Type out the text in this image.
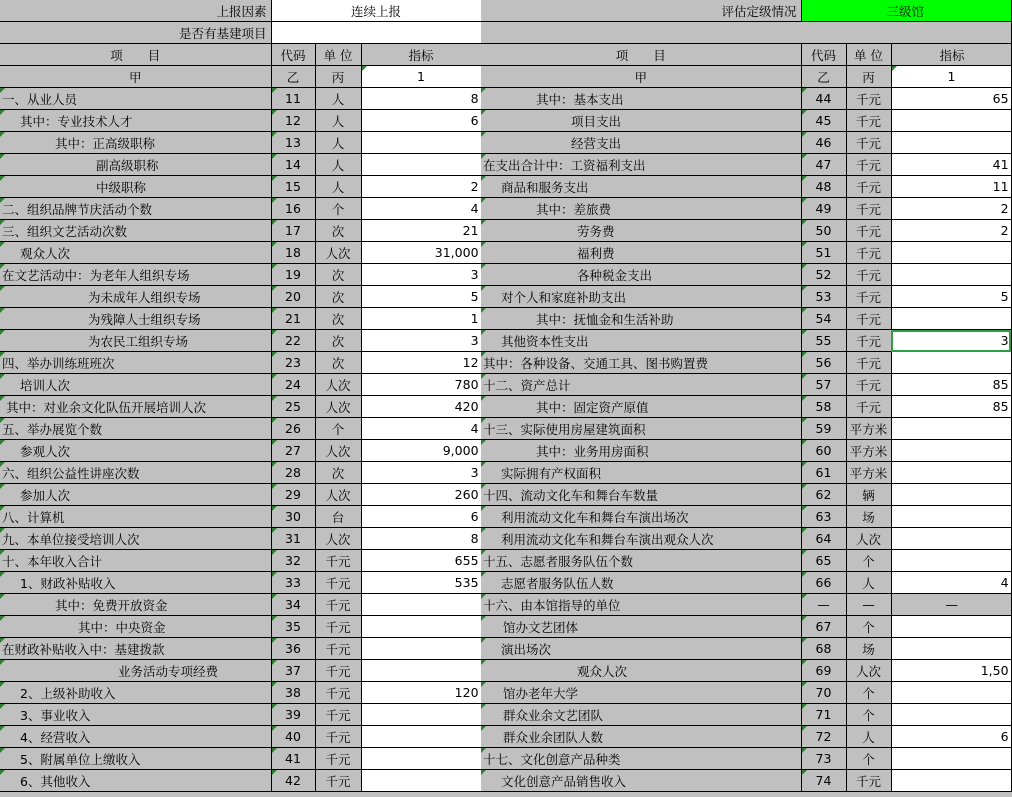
上报因素	连续上报		
是否有基建项目			
项　　目	代码	单 位	指标
甲	乙	丙	1
一、从业人员	11	人	8
其中：专业技术人才	12	人	6
其中：正高级职称	13	人	
副高级职称	14	人	
中级职称	15	人	2
二、组织品牌节庆活动个数	16	个	4
三、组织文艺活动次数	17	次	21
观众人次	18	人次	31,000
在文艺活动中：为老年人组织专场	19	次	3
为未成年人组织专场	20	次	5
为残障人士组织专场	21	次	1
为农民工组织专场	22	次	3
四、举办训练班班次	23	次	12
培训人次	24	人次	780
其中：对业余文化队伍开展培训人次	25	人次	420
五、举办展览个数	26	个	4
参观人次	27	人次	9,000
六、组织公益性讲座次数	28	次	3
参加人次	29	人次	260
八、计算机	30	台	6
九、本单位接受培训人次	31	人次	8
十、本年收入合计	32	千元	655
1、财政补贴收入	33	千元	535
其中：免费开放资金	34	千元	
其中：中央资金	35	千元	
在财政补贴收入中：基建拨款	36	千元	
业务活动专项经费	37	千元	
2、上级补助收入	38	千元	120
3、事业收入	39	千元	
4、经营收入	40	千元	
5、附属单位上缴收入	41	千元	
6、其他收入	42	千元	
评估定级情况	三级馆		

项　　目	代码	单 位	指标
甲	乙	丙	1
其中：基本支出	44	千元	65
项目支出	45	千元	
经营支出	46	千元	
在支出合计中：工资福利支出	47	千元	41
商品和服务支出	48	千元	11
其中：差旅费	49	千元	2
劳务费	50	千元	2
福利费	51	千元	
各种税金支出	52	千元	
对个人和家庭补助支出	53	千元	5
其中：抚恤金和生活补助	54	千元	
其他资本性支出	55	千元	3
其中：各种设备、交通工具、图书购置费	56	千元	
十二、资产总计	57	千元	85
其中：固定资产原值	58	千元	85
十三、实际使用房屋建筑面积	59	平方米	
其中：业务用房面积	60	平方米	
实际拥有产权面积	61	平方米	
十四、流动文化车和舞台车数量	62	辆	
利用流动文化车和舞台车演出场次	63	场	
利用流动文化车和舞台车演出观众人次	64	人次	
十五、志愿者服务队伍个数	65	个	
志愿者服务队伍人数	66	人	4
十六、由本馆指导的单位	—	—	—
馆办文艺团体	67	个	
演出场次	68	场	
观众人次	69	人次	1,50
馆办老年大学	70	个	
群众业余文艺团队	71	个	
群众业余团队人数	72	人	6
十七、文化创意产品种类	73	个	
文化创意产品销售收入	74	千元	
